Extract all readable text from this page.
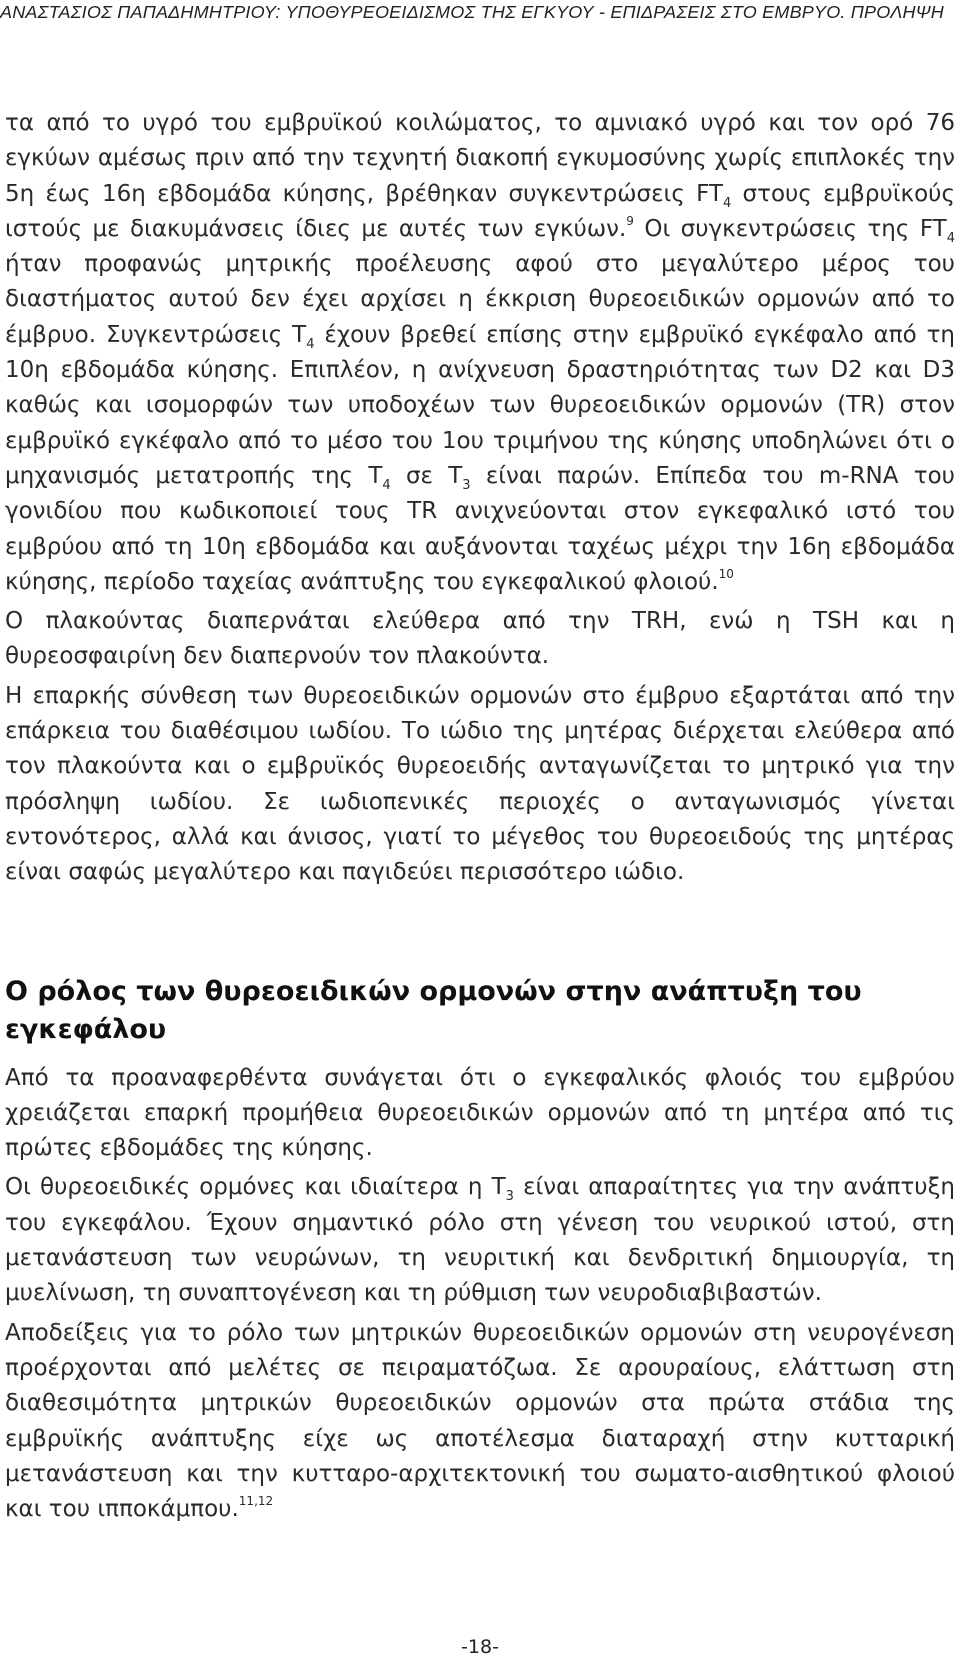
ΑΝΑΣΤΑΣΙΟΣ ΠΑΠΑΔΗΜΗΤΡΙΟΥ: ΥΠΟΘΥΡΕΟΕΙΔΙΣΜΟΣ ΤΗΣ ΕΓΚΥΟΥ - ΕΠΙΔΡΑΣΕΙΣ ΣΤΟ ΕΜΒΡΥΟ. ΠΡΟΛΗΨΗ

τα από το υγρό του εμβρυϊκού κοιλώματος, το αμνιακό υγρό και τον ορό 76 εγκύων αμέσως πριν από την τεχνητή διακοπή εγκυμοσύνης χωρίς επιπλοκές την 5η έως 16η εβδομάδα κύησης, βρέθηκαν συγκεντρώσεις $FT_4$ στους εμβρυϊκούς ιστούς με διακυμάνσεις ίδιες με αυτές των εγκύων.$^9$ Οι συγκεντρώσεις της $FT_4$ ήταν προφανώς μητρικής προέλευσης αφού στο μεγαλύτερο μέρος του διαστήματος αυτού δεν έχει αρχίσει η έκκριση θυρεοειδικών ορμονών από το έμβρυο. Συγκεντρώσεις $T_4$ έχουν βρεθεί επίσης στην εμβρυϊκό εγκέφαλο από τη 10η εβδομάδα κύησης. Επιπλέον, η ανίχνευση δραστηριότητας των D2 και D3 καθώς και ισομορφών των υποδοχέων των θυρεοειδικών ορμονών (TR) στον εμβρυϊκό εγκέφαλο από το μέσο του 1ου τριμήνου της κύησης υποδηλώνει ότι ο μηχανισμός μετατροπής της $T_4$ σε $T_3$ είναι παρών. Επίπεδα του m-RNA του γονιδίου που κωδικοποιεί τους TR ανιχνεύονται στον εγκεφαλικό ιστό του εμβρύου από τη 10η εβδομάδα και αυξάνονται ταχέως μέχρι την 16η εβδομάδα κύησης, περίοδο ταχείας ανάπτυξης του εγκεφαλικού φλοιού.$^{10}$

Ο πλακούντας διαπερνάται ελεύθερα από την TRH, ενώ η TSH και η θυρεοσφαιρίνη δεν διαπερνούν τον πλακούντα.

Η επαρκής σύνθεση των θυρεοειδικών ορμονών στο έμβρυο εξαρτάται από την επάρκεια του διαθέσιμου ιωδίου. Το ιώδιο της μητέρας διέρχεται ελεύθερα από τον πλακούντα και ο εμβρυϊκός θυρεοειδής ανταγωνίζεται το μητρικό για την πρόσληψη ιωδίου. Σε ιωδιοπενικές περιοχές ο ανταγωνισμός γίνεται εντονότερος, αλλά και άνισος, γιατί το μέγεθος του θυρεοειδούς της μητέρας είναι σαφώς μεγαλύτερο και παγιδεύει περισσότερο ιώδιο.

Ο ρόλος των θυρεοειδικών ορμονών στην ανάπτυξη του εγκεφάλου

Από τα προαναφερθέντα συνάγεται ότι ο εγκεφαλικός φλοιός του εμβρύου χρειάζεται επαρκή προμήθεια θυρεοειδικών ορμονών από τη μητέρα από τις πρώτες εβδομάδες της κύησης.

Οι θυρεοειδικές ορμόνες και ιδιαίτερα η $T_3$ είναι απαραίτητες για την ανάπτυξη του εγκεφάλου. Έχουν σημαντικό ρόλο στη γένεση του νευρικού ιστού, στη μετανάστευση των νευρώνων, τη νευριτική και δενδριτική δημιουργία, τη μυελίνωση, τη συναπτογένεση και τη ρύθμιση των νευροδιαβιβαστών.

Αποδείξεις για το ρόλο των μητρικών θυρεοειδικών ορμονών στη νευρογένεση προέρχονται από μελέτες σε πειραματόζωα. Σε αρουραίους, ελάττωση στη διαθεσιμότητα μητρικών θυρεοειδικών ορμονών στα πρώτα στάδια της εμβρυϊκής ανάπτυξης είχε ως αποτέλεσμα διαταραχή στην κυτταρική μετανάστευση και την κυτταρο-αρχιτεκτονική του σωματο-αισθητικού φλοιού και του ιπποκάμπου.$^{11,12}$

-18-
